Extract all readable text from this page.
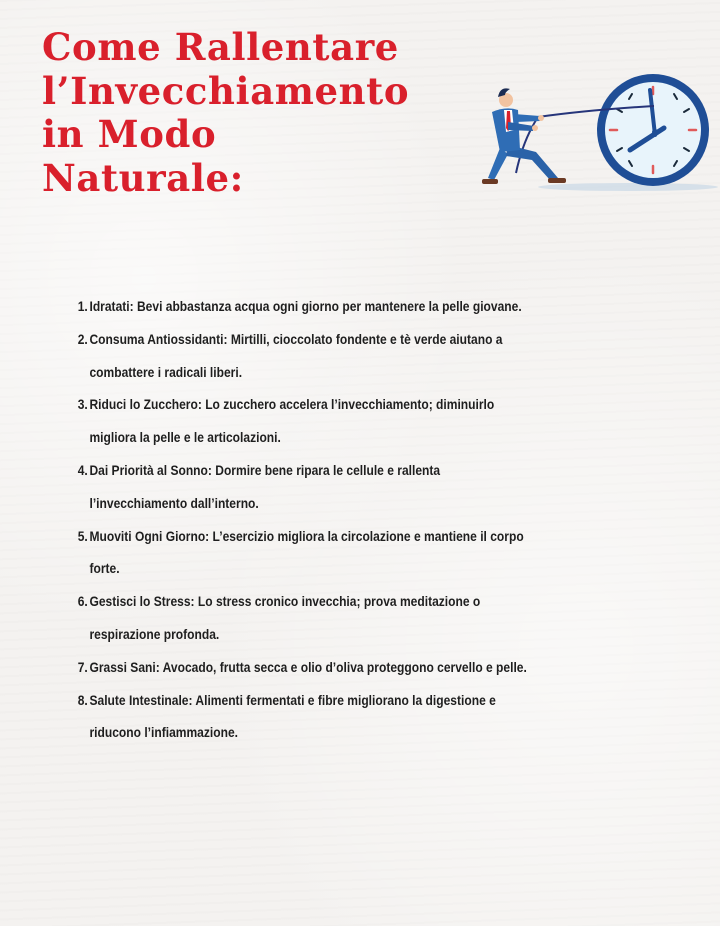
Come Rallentare
l’Invecchiamento
in Modo
Naturale:
1. Idratati: Bevi abbastanza acqua ogni giorno per mantenere la pelle giovane.
2. Consuma Antiossidanti: Mirtilli, cioccolato fondente e tè verde aiutano a
combattere i radicali liberi.
3. Riduci lo Zucchero: Lo zucchero accelera l’invecchiamento; diminuirlo
migliora la pelle e le articolazioni.
4. Dai Priorità al Sonno: Dormire bene ripara le cellule e rallenta
l’invecchiamento dall’interno.
5. Muoviti Ogni Giorno: L’esercizio migliora la circolazione e mantiene il corpo
forte.
6. Gestisci lo Stress: Lo stress cronico invecchia; prova meditazione o
respirazione profonda.
7. Grassi Sani: Avocado, frutta secca e olio d’oliva proteggono cervello e pelle.
8. Salute Intestinale: Alimenti fermentati e fibre migliorano la digestione e
riducono l’infiammazione.
